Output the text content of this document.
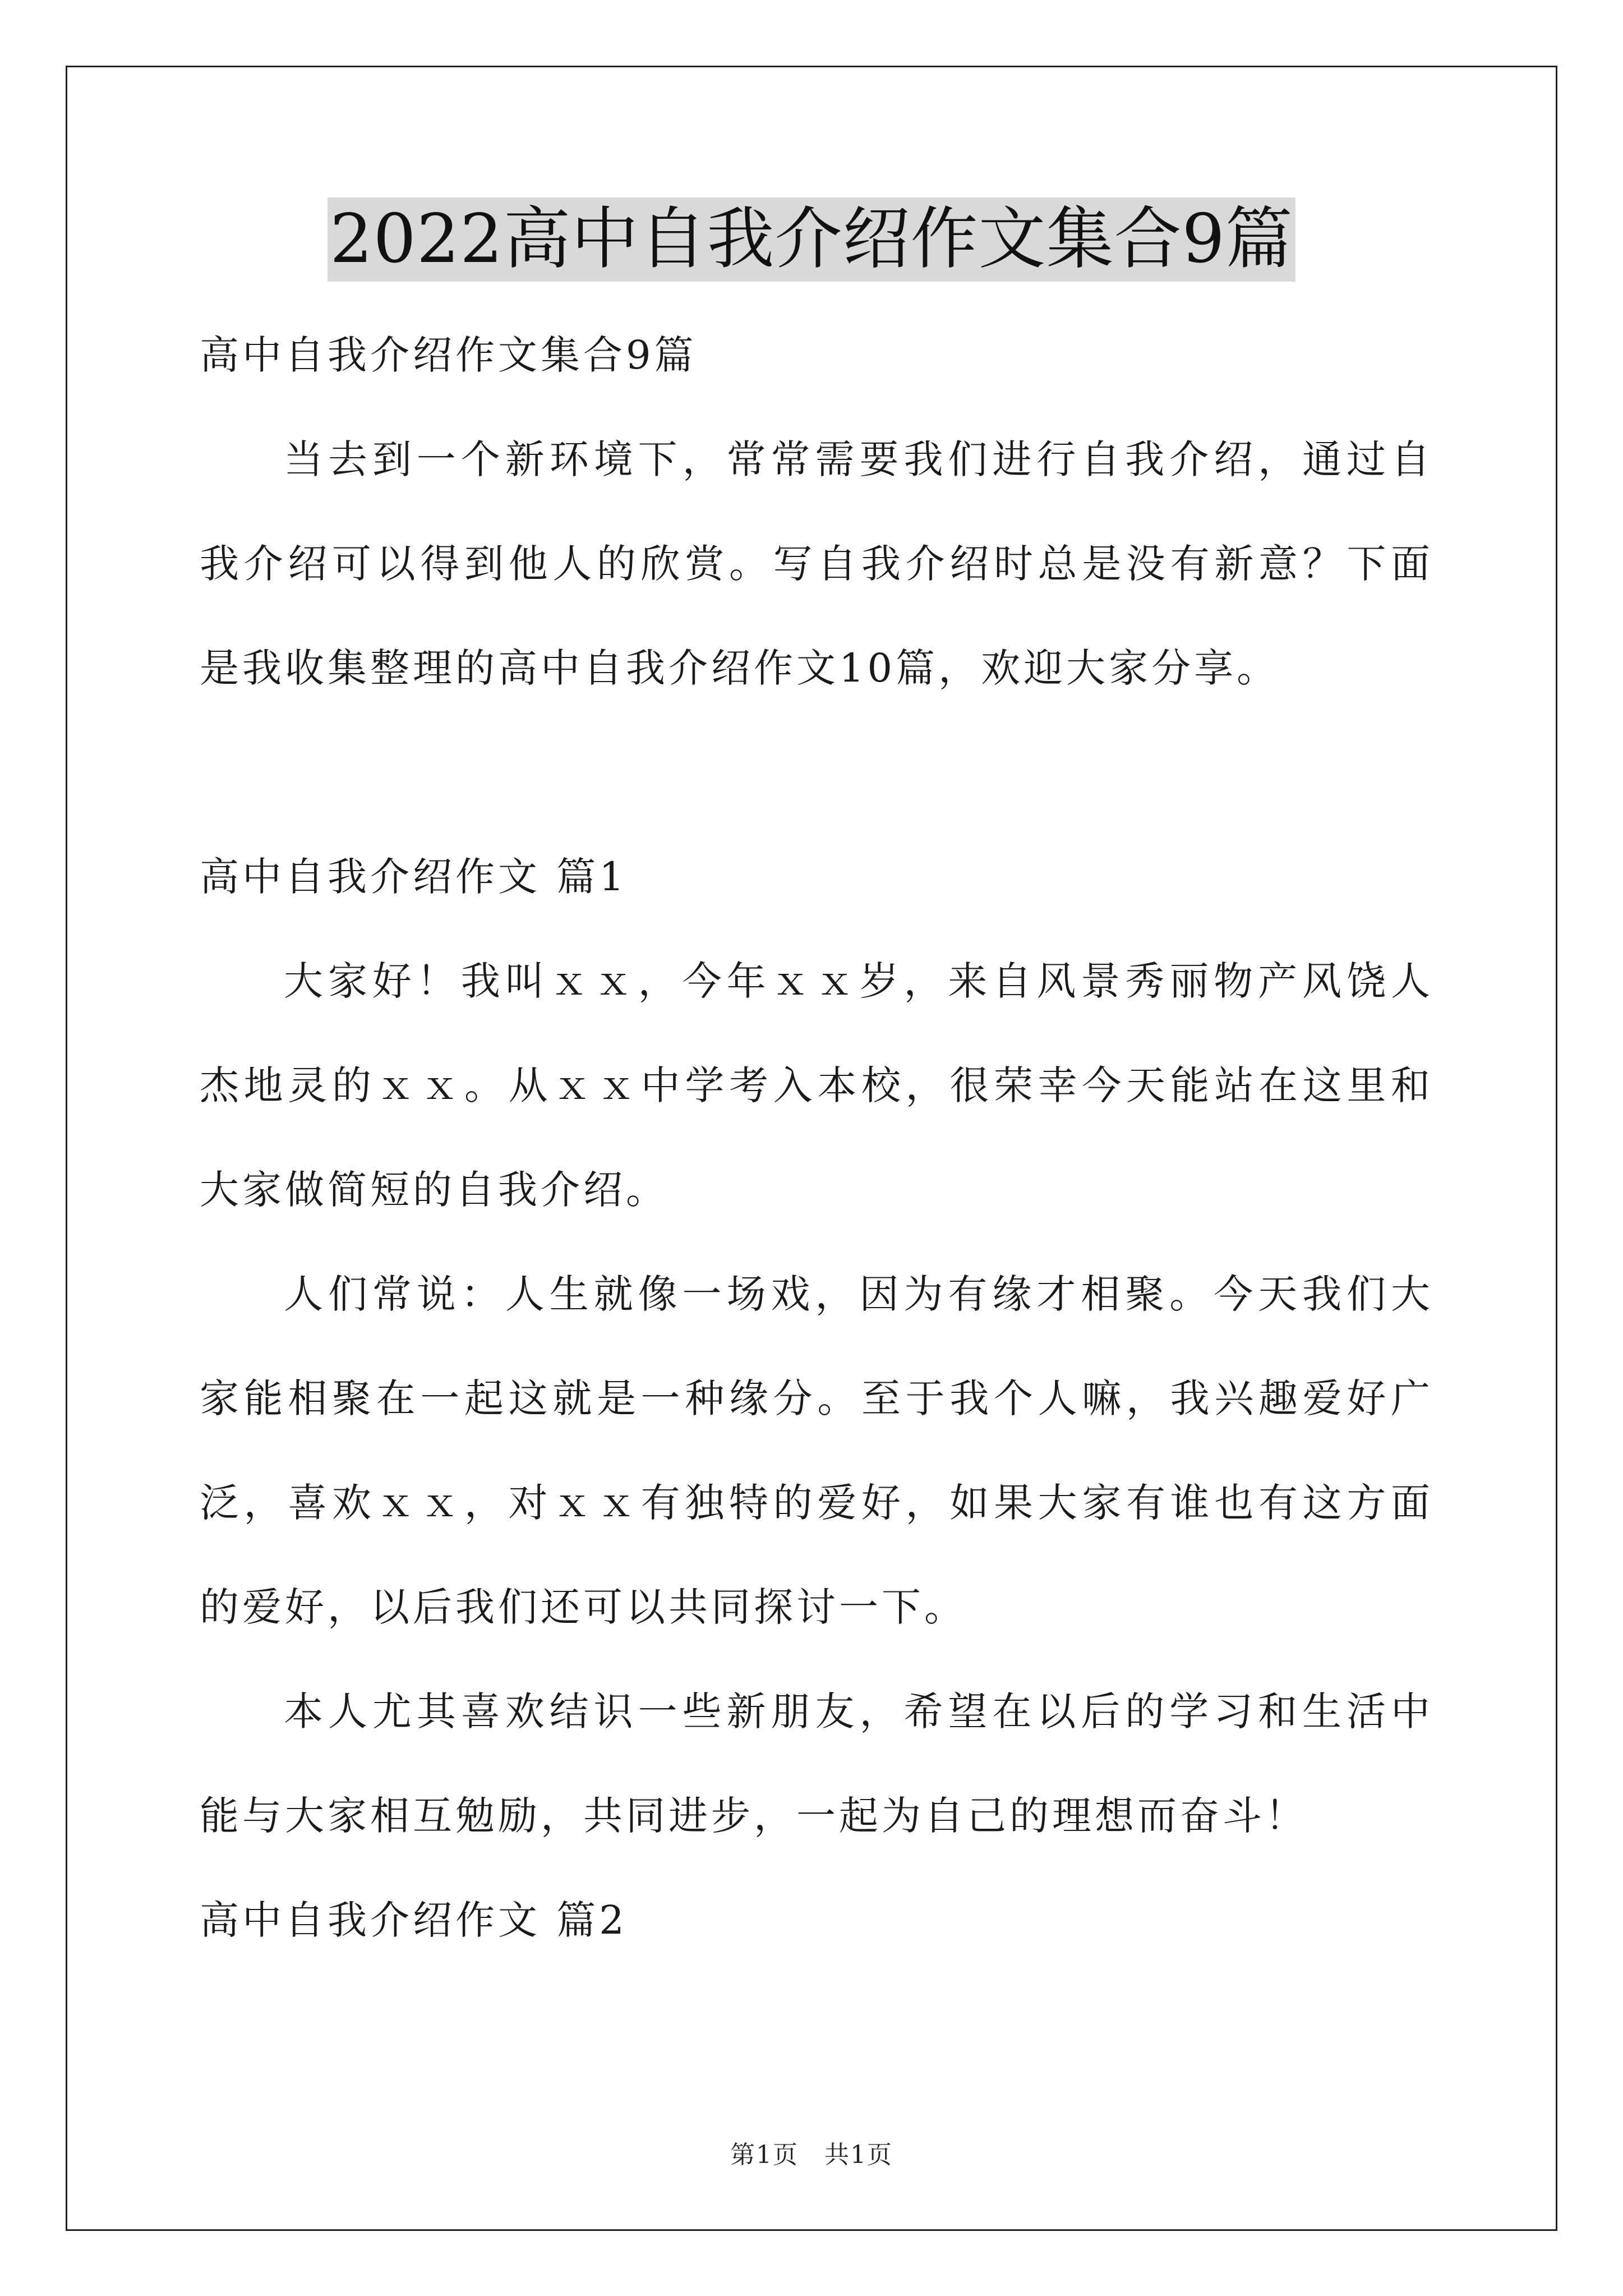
2022高中自我介绍作文集合9篇

高中自我介绍作文集合9篇

当去到一个新环境下，常常需要我们进行自我介绍，通过自我介绍可以得到他人的欣赏。写自我介绍时总是没有新意？下面是我收集整理的高中自我介绍作文10篇，欢迎大家分享。

高中自我介绍作文 篇1

大家好！我叫ｘｘ，今年ｘｘ岁，来自风景秀丽物产风饶人杰地灵的ｘｘ。从ｘｘ中学考入本校，很荣幸今天能站在这里和大家做简短的自我介绍。

人们常说：人生就像一场戏，因为有缘才相聚。今天我们大家能相聚在一起这就是一种缘分。至于我个人嘛，我兴趣爱好广泛，喜欢ｘｘ，对ｘｘ有独特的爱好，如果大家有谁也有这方面的爱好，以后我们还可以共同探讨一下。

本人尤其喜欢结识一些新朋友，希望在以后的学习和生活中能与大家相互勉励，共同进步，一起为自己的理想而奋斗！

高中自我介绍作文 篇2

第1页　共1页
